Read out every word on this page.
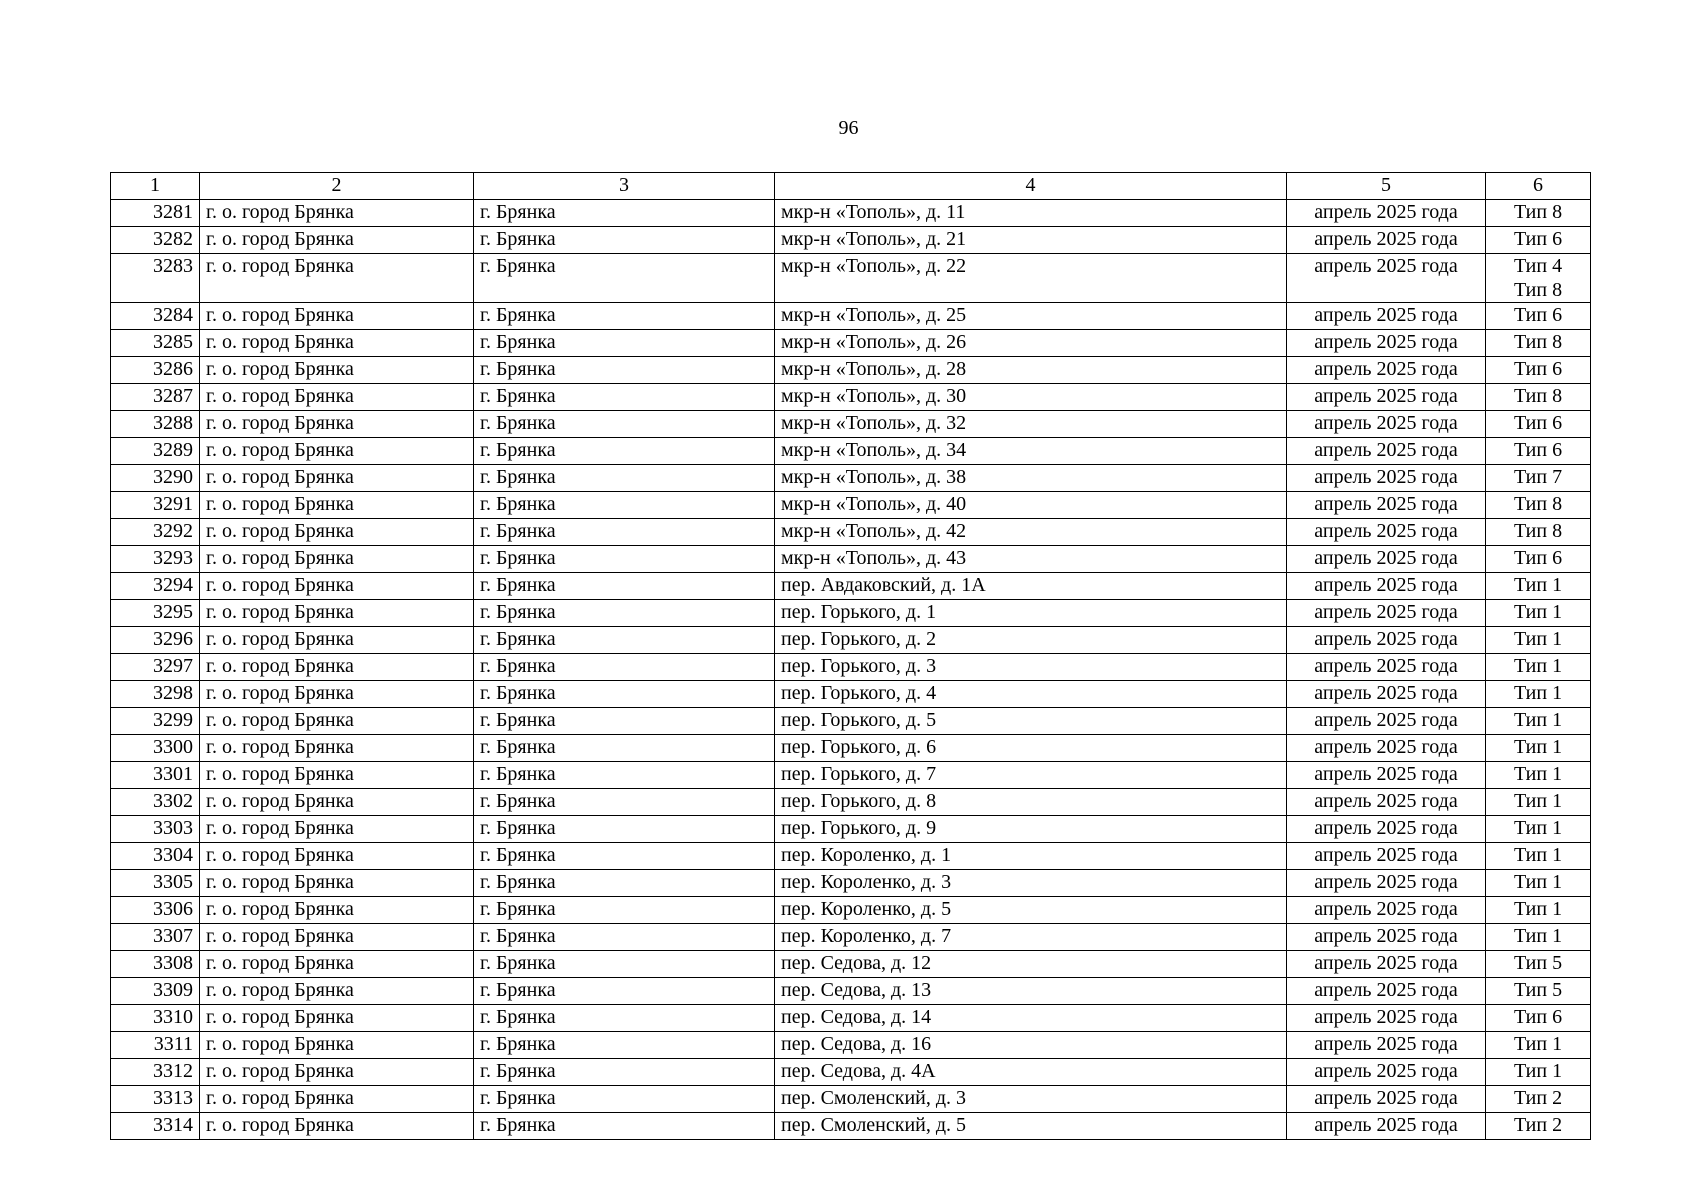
96
1	2	3	4	5	6
3281	г. о. город Брянка	г. Брянка	мкр-н «Тополь», д. 11	апрель 2025 года	Тип 8

3282	г. о. город Брянка	г. Брянка	мкр-н «Тополь», д. 21	апрель 2025 года	Тип 6

3283	г. о. город Брянка	г. Брянка	мкр-н «Тополь», д. 22	апрель 2025 года	Тип 4
Тип 8

3284	г. о. город Брянка	г. Брянка	мкр-н «Тополь», д. 25	апрель 2025 года	Тип 6

3285	г. о. город Брянка	г. Брянка	мкр-н «Тополь», д. 26	апрель 2025 года	Тип 8

3286	г. о. город Брянка	г. Брянка	мкр-н «Тополь», д. 28	апрель 2025 года	Тип 6

3287	г. о. город Брянка	г. Брянка	мкр-н «Тополь», д. 30	апрель 2025 года	Тип 8

3288	г. о. город Брянка	г. Брянка	мкр-н «Тополь», д. 32	апрель 2025 года	Тип 6

3289	г. о. город Брянка	г. Брянка	мкр-н «Тополь», д. 34	апрель 2025 года	Тип 6

3290	г. о. город Брянка	г. Брянка	мкр-н «Тополь», д. 38	апрель 2025 года	Тип 7

3291	г. о. город Брянка	г. Брянка	мкр-н «Тополь», д. 40	апрель 2025 года	Тип 8

3292	г. о. город Брянка	г. Брянка	мкр-н «Тополь», д. 42	апрель 2025 года	Тип 8

3293	г. о. город Брянка	г. Брянка	мкр-н «Тополь», д. 43	апрель 2025 года	Тип 6

3294	г. о. город Брянка	г. Брянка	пер. Авдаковский, д. 1А	апрель 2025 года	Тип 1

3295	г. о. город Брянка	г. Брянка	пер. Горького, д. 1	апрель 2025 года	Тип 1

3296	г. о. город Брянка	г. Брянка	пер. Горького, д. 2	апрель 2025 года	Тип 1

3297	г. о. город Брянка	г. Брянка	пер. Горького, д. 3	апрель 2025 года	Тип 1

3298	г. о. город Брянка	г. Брянка	пер. Горького, д. 4	апрель 2025 года	Тип 1

3299	г. о. город Брянка	г. Брянка	пер. Горького, д. 5	апрель 2025 года	Тип 1

3300	г. о. город Брянка	г. Брянка	пер. Горького, д. 6	апрель 2025 года	Тип 1

3301	г. о. город Брянка	г. Брянка	пер. Горького, д. 7	апрель 2025 года	Тип 1

3302	г. о. город Брянка	г. Брянка	пер. Горького, д. 8	апрель 2025 года	Тип 1

3303	г. о. город Брянка	г. Брянка	пер. Горького, д. 9	апрель 2025 года	Тип 1

3304	г. о. город Брянка	г. Брянка	пер. Короленко, д. 1	апрель 2025 года	Тип 1

3305	г. о. город Брянка	г. Брянка	пер. Короленко, д. 3	апрель 2025 года	Тип 1

3306	г. о. город Брянка	г. Брянка	пер. Короленко, д. 5	апрель 2025 года	Тип 1

3307	г. о. город Брянка	г. Брянка	пер. Короленко, д. 7	апрель 2025 года	Тип 1

3308	г. о. город Брянка	г. Брянка	пер. Седова, д. 12	апрель 2025 года	Тип 5

3309	г. о. город Брянка	г. Брянка	пер. Седова, д. 13	апрель 2025 года	Тип 5

3310	г. о. город Брянка	г. Брянка	пер. Седова, д. 14	апрель 2025 года	Тип 6

3311	г. о. город Брянка	г. Брянка	пер. Седова, д. 16	апрель 2025 года	Тип 1

3312	г. о. город Брянка	г. Брянка	пер. Седова, д. 4А	апрель 2025 года	Тип 1

3313	г. о. город Брянка	г. Брянка	пер. Смоленский, д. 3	апрель 2025 года	Тип 2

3314	г. о. город Брянка	г. Брянка	пер. Смоленский, д. 5	апрель 2025 года	Тип 2
